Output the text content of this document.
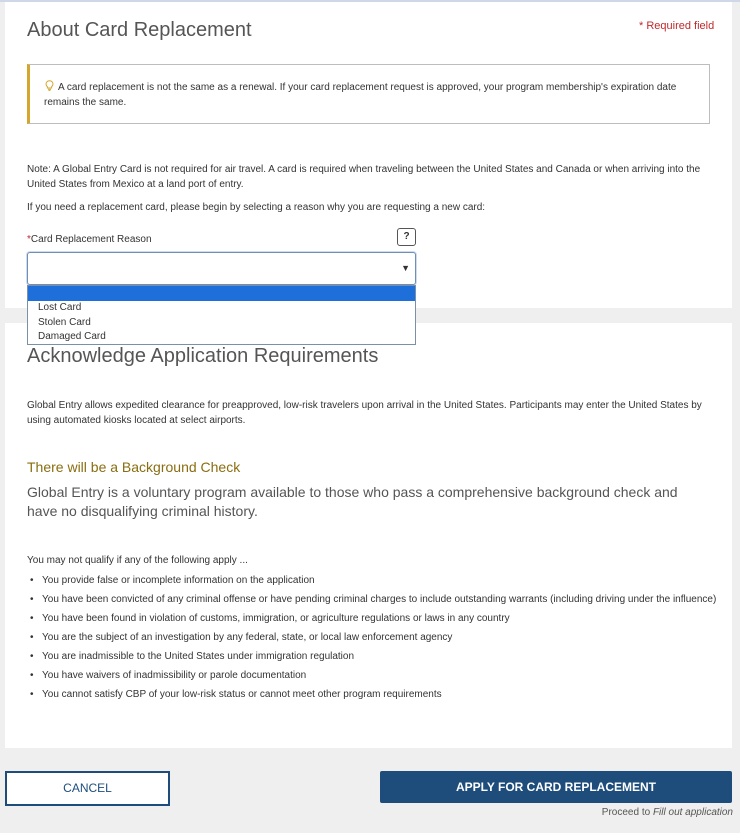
About Card Replacement	* Required field
A card replacement is not the same as a renewal. If your card replacement request is approved, your program membership's expiration date remains the same.

Note: A Global Entry Card is not required for air travel. A card is required when traveling between the United States and Canada or when arriving into the United States from Mexico at a land port of entry.

If you need a replacement card, please begin by selecting a reason why you are requesting a new card:

*Card Replacement Reason	?
▼
Acknowledge Application Requirements

Global Entry allows expedited clearance for preapproved, low-risk travelers upon arrival in the United States. Participants may enter the United States by using automated kiosks located at select airports.

There will be a Background Check

Global Entry is a voluntary program available to those who pass a comprehensive background check and have no disqualifying criminal history.

You may not qualify if any of the following apply ...

• You provide false or incomplete information on the application
• You have been convicted of any criminal offense or have pending criminal charges to include outstanding warrants (including driving under the influence)
• You have been found in violation of customs, immigration, or agriculture regulations or laws in any country
• You are the subject of an investigation by any federal, state, or local law enforcement agency
• You are inadmissible to the United States under immigration regulation
• You have waivers of inadmissibility or parole documentation
• You cannot satisfy CBP of your low-risk status or cannot meet other program requirements
Lost Card
Stolen Card
Damaged Card
CANCEL	APPLY FOR CARD REPLACEMENT
Proceed to Fill out application
